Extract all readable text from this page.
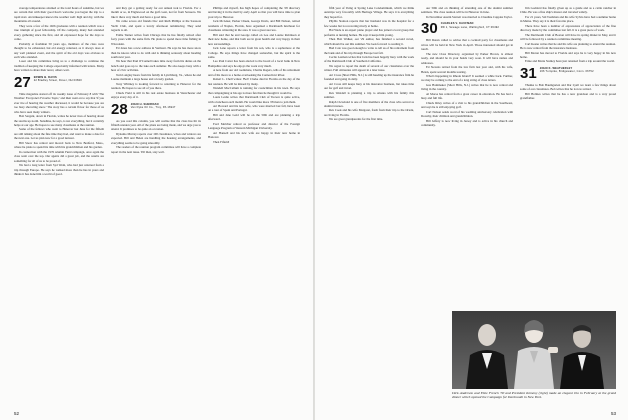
average temperatures attained or the total hours of sunshine, but we are certain that with their good host's welcome you began the trip to a rapid start. An innkeeper knows the weather well: high and dry, with the mountains all around.

They were a few of the 1926 graduates with a reunion which was a true triumph of good fellowship. Of the company, many had attended every gathering since the first, and all expressed hope for the days to come.

Probably at freshman 50 years ago, members of the class were thought to be exhausted, but old energy returned, as it always does at any well planned event, and the spirit of the old days was obvious to each who attended.

Loser and his committee bring us to a challenge to continue the tradition of keeping the College expectantly informed with letters. Many have written to share their news; others wait.

27 EDWIN B. DAVIS
22 Bradley Street, Dover, NH 03820

Time magazine started off its weekly issue of February 8 with 'The Weather: Everyone's Favorite Topic,' and then went on to say that 'if you ever tire of hearing the weather discussed, it would be because you are too busy shoveling snow.' The story has a certain flavor for those of us who have seen many winters.

Bob Sargent, down in Florida, writes he never tires of hearing about the storms up north. Sunshine, he says, is not everything, but it certainly helps at our age. He hopes to see many classmates at the reunion.

Some of the fellows who went to Hanover last June for the fiftieth are still talking about the fine time they had, and want to make a date for the next one. Let us plan now for a good turnout.

Bill Snow has retired and moved back to New Bedford, Mass., where he plans to spend his time with his grandchildren and his garden.

In connection with the 1976 Alumni Fund campaign, once again the class went over the top. Our agents did a great job, and the results are something for all of us to be proud of.

We had a long letter from Syd Wein, who had just returned from a trip through Europe. He says he walked more than he has in years and thinks it has done him a world of good.

and they get a getting ready for our annual trek to Florida. For a month or so, in Englewood on the gulf coast, not far from Sarasota. We like it there very much and have a good time.

We came across old friends Doc and Ruth Phillips at the Sarasota Yacht Club, and spent a lovely afternoon reminiscing. They send regards to all.

Eddie Tanner writes from Chicago that he has finally retired after forty years with the same firm. He plans to spend more time fishing in Wisconsin.

Ed Jones has a new address in Vermont. He says he has more snow than he knows what to do with and is thinking seriously about heading south next year.

We hear that Paul O'Connell takes time away from his duties on the bench and goes up to the lake each summer. He also keeps busy with a host of civic activities.

Tom Langley hears from his family in Lynchburg, Va., where he and Louise maintain a large house and a lovely garden.

Tony Whitney is looking forward to returning to Hanover for the reunion. He hopes to see all of you there.

Chuck Field is still in his real estate business in Westchester and enjoys every day of it.

28 JOHN H. SHERIDAN
Van Dyke Oil Co., Troy, PA 16947

As you read this column, you will realize that the class has hit its fiftieth reunion year. All of the plans are being made, and we urge you to attend. It promises to be quite an occasion.

Dynamo Murray reports over 100 classmates, wives and widows are expected. Bill and Helen are handling the housing arrangements, and everything seems to be going smoothly.

The readers of the reunion program committee will have a complete report in the next issue. Till then, stay well.

Phillips and myself, has high hopes of completing the '28 directory and having it in the mail by early April so that you will have time to plan your trip to Hanover.

Jack McAleer, Parker Cheek, George Davis, and Bill Nelson, retired residents of Naples, Florida, have organized a Dartmouth luncheon for classmates wintering in the area. It was a great success.

Bill said that he and George called on Lee and Louise Robinson at their new home, and that both are in great health and very happy in their new surroundings.

Jack Lane reports a letter from his son, who is a sophomore at the College. He says things have changed somewhat, but the spirit is the same.

Leo Paul Carter has been elected to the board of a local bank in New Hampshire and says he enjoys the work very much.

A note from our old roommate, Charlie Rogers, tells of his retirement and of his move to a home overlooking the Connecticut River.

Robert L. Chell writes: 'Bob' Clarke died in Florida on the day of the last reunion. He will be missed by many.

Wendell MacCallum is running for councilman in his town. He says that campaigning at his age is more fun than he thought it would be.

Louis Leslie writes that Dartmouth Club of Tucson is quite active, with a luncheon each month. He would like more '28 men to join them.

Art Howard and his new wife, who were married last fall, have been on a tour of Spain and Portugal.

Bill and Jane Gold will be on the 50th and are planning a trip afterward.

Ford Melcher retired as professor and director of the Foreign Language Program at Western Michigan University.

Art Hansell and his new wife are happy in their new home in Hanover.

Then Fifield!

fifth year of living at Spring Lake Condominium, which we think outstrips very favorably with Heritage Village. He says it is everything they hoped for.

Phyllis Stanton reports that her husband was in the hospital for a few weeks but is recovering nicely at home.

Hal Wade is an expert piano player and has joined a local group that performs at nursing homes. He says it keeps him young.

Then Bob Walker, our '29 author, has finished a second novel, which should be out this summer. We look forward to reading it.

Bud Cole was good enough to write to tell us of his retirement from the bank and of his trip through Europe last fall.

Cecile Lasman writes that Jack has been happily busy with the work of the Dartmouth Club of Southern California.

We regret to report the death of several of our classmates over the winter. Full obituaries will appear in a later issue.

Art Cross (Short Hills, N.J.) is still heading up the insurance firm he founded and going in daily.

Art Cross still keeps busy at his insurance business, but takes time out for golf and travel.

Rex Wendell is planning a trip to Alaska with his family this summer.

Ralph Cleveland is one of five members of the class who served as alumni trustees.

Rex Cook and his wife Margaret, fresh from their trip to the Orient, are living in Florida.

We are great grandparents for the first time.

our 50th and on thinking of attending one of the alumni summer seminars. The class reunion will be in Hanover in June.

In November Austin Starrett was married to Claudine Cupples Taylor.

30 CHARLES V. KAUFMAN
RD 1, Sewage Lane, Wallingford, CT 06492

Bill Duran called to advise that a cocktail party for classmates and wives will be held in New York in April. Those interested should get in touch.

The new Class Directory, organized by Parker Brown, is almost ready, and should be in your hands very soon. It will have names and addresses.

Ed Stevens retired from the law firm last year and, with his wife, Helen, spent several months touring.

What's happening in Rhode Island? It seemed a while back. Further, we may be coming to the end of a long string of class letters.

Gus Hammaker (Short Hills, N.J.) writes that he is now retired and living in the country.

Al Morse has retired from a great career in education. He has had a busy and full life.

Chuck Riley writes of a visit to his grandchildren in the Southwest, and says he is still enjoying golf.

Carl Nelson sends word of his wedding anniversary celebration with Dorothy, their children and grandchildren.

Bill Jeffery is now living in Jersey and is active in his church and community.

Jim Goddard has finally given up as a guide and as a cattle rancher in Chile. He was a fine ship's master and traveled widely.

For 21 years, Sid Toubman and his wife Sylvia have had a summer home in Maine. They say it is their favorite place.

There have been a number of expressions of appreciation of the fine directory made by the committee last fall. It is a great piece of work.

The Dartmouth Club of Boston will have its spring dinner in May, and it will be followed by a reunion committee meeting.

Carl Keene writes that he and his wife are planning to attend the reunion. He is now retired from the insurance business.

Bill Moran has moved to Florida and says he is very happy in his new home.

Ernie and Marie Stanley have just returned from a trip around the world.

31 JOHN K. WEATHERLEY
166 Turnpike, Bridgewater, Conn. 06752

Thanks to Bob Baumgarten and Dar Lyall we learn a few things about some of our classmates. Bob writes that he is now retired.

Bill Holmes writes that he has a new grandson and is a very proud grandfather.

Dick Anderson and Elsie French '30 and President Kemeny (right) made an elegant trio in February at the grand dinner which opened the Campaign for Dartmouth in New York.
52	53
